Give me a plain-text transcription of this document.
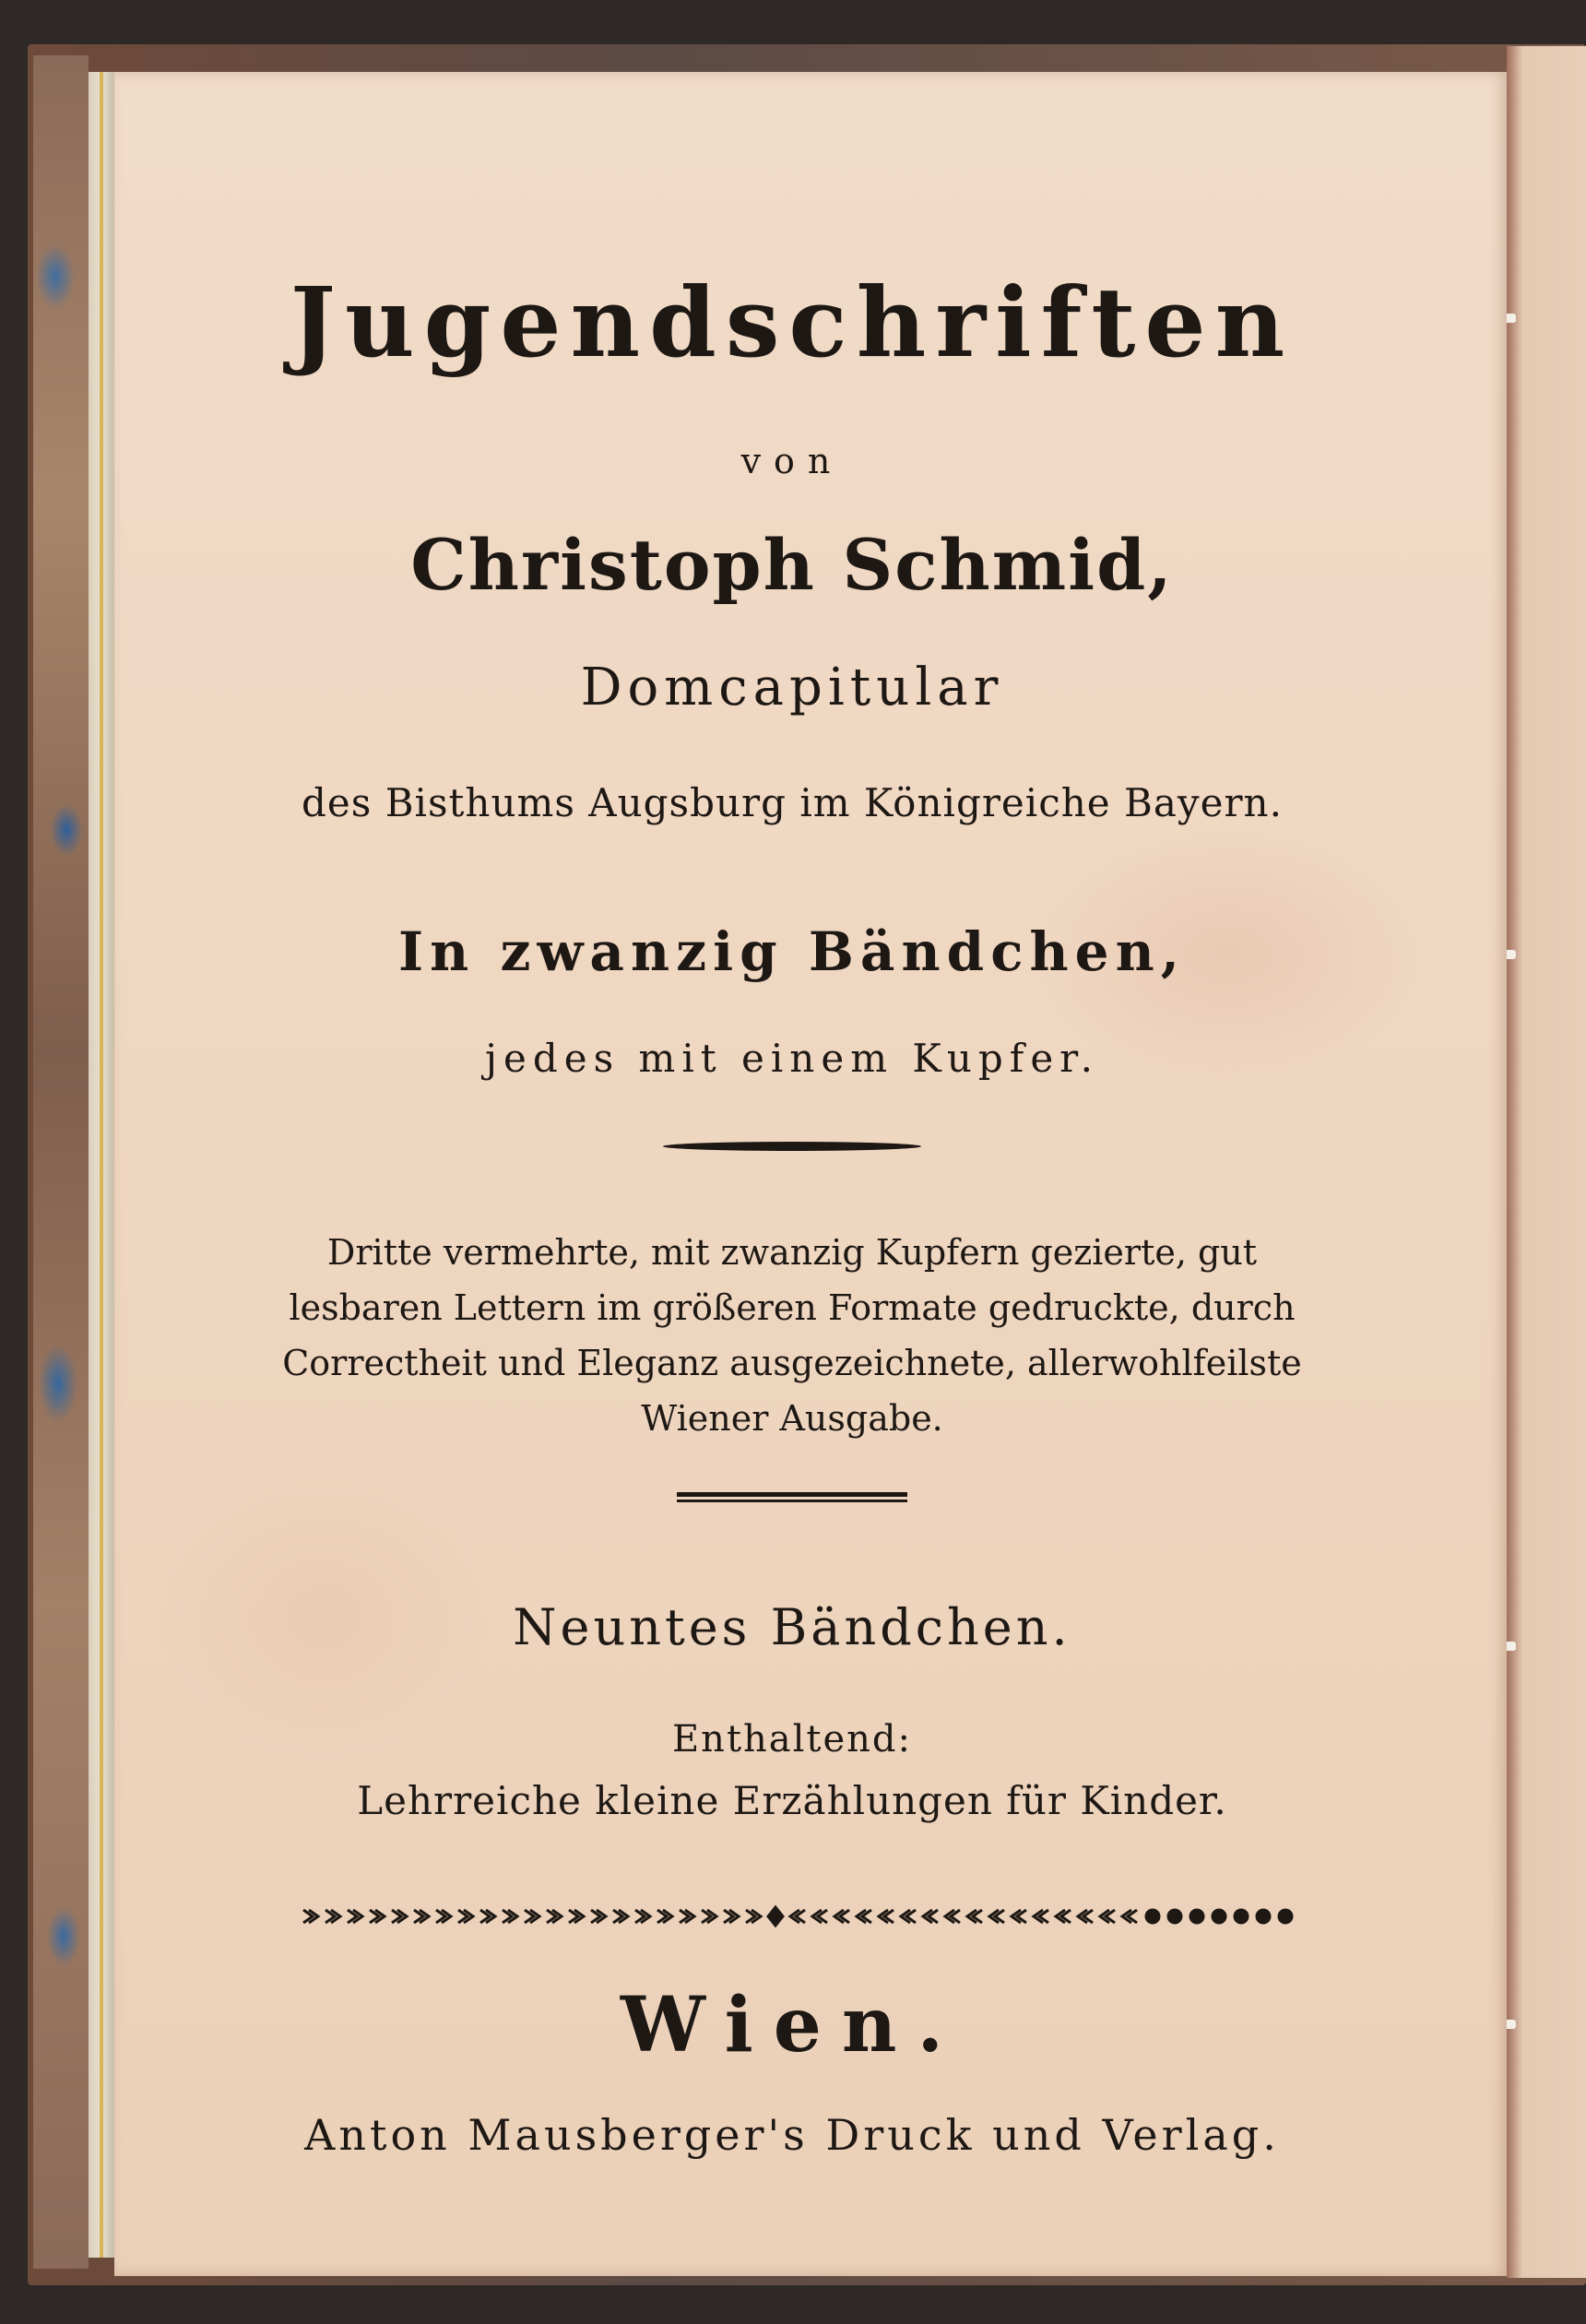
Jugendschriften
von
Christoph Schmid,
Domcapitular
des Bisthums Augsburg im Königreiche Bayern.
In zwanzig Bändchen,
jedes mit einem Kupfer.
Dritte vermehrte, mit zwanzig Kupfern gezierte, gut
lesbaren Lettern im größeren Formate gedruckte, durch
Correctheit und Eleganz ausgezeichnete, allerwohlfeilste
Wiener Ausgabe.
Neuntes Bändchen.
Enthaltend:
Lehrreiche kleine Erzählungen für Kinder.
Wien.
Anton Mausberger's Druck und Verlag.
